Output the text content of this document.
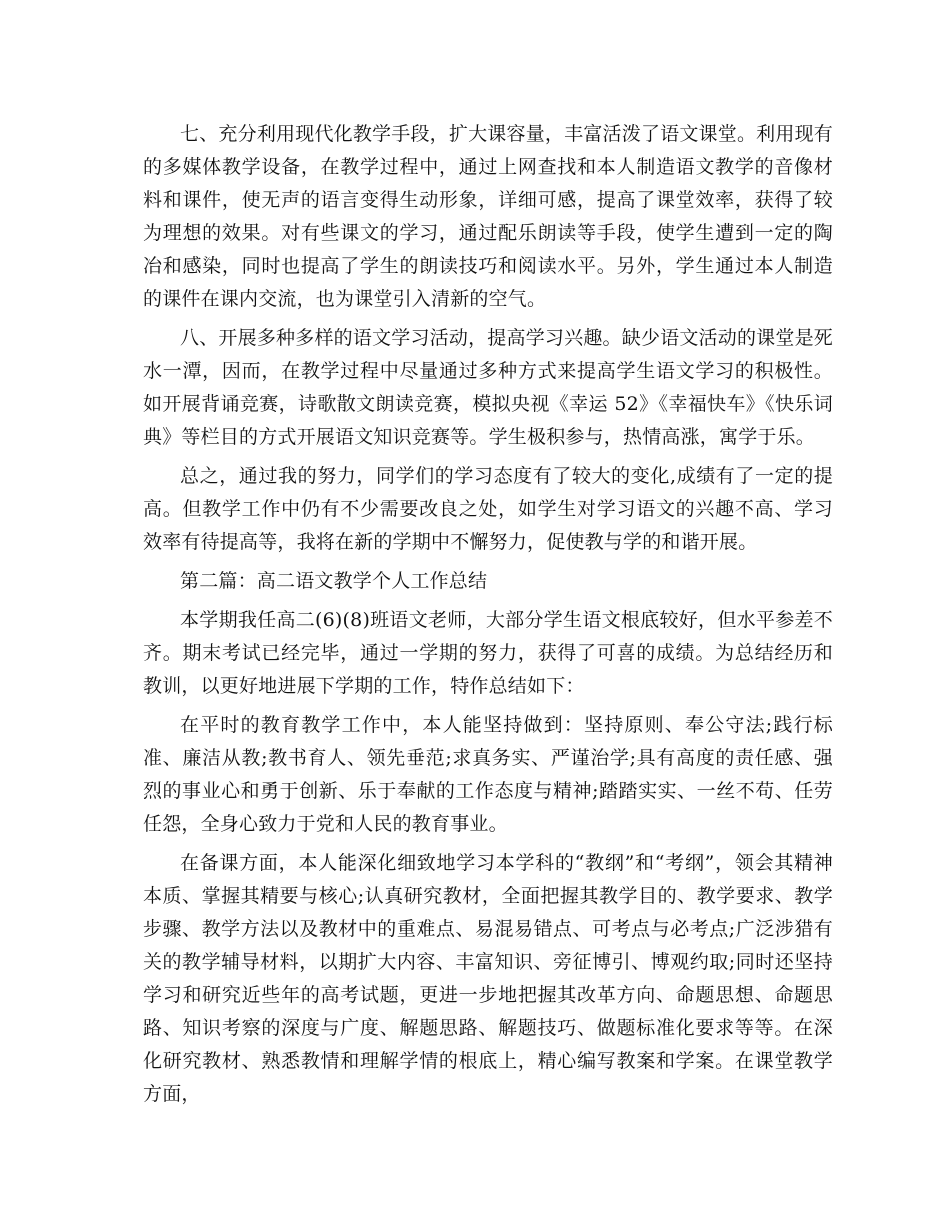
七、充分利用现代化教学手段，扩大课容量，丰富活泼了语文课堂。利用现有的多媒体教学设备，在教学过程中，通过上网查找和本人制造语文教学的音像材料和课件，使无声的语言变得生动形象，详细可感，提高了课堂效率，获得了较为理想的效果。对有些课文的学习，通过配乐朗读等手段，使学生遭到一定的陶冶和感染，同时也提高了学生的朗读技巧和阅读水平。另外，学生通过本人制造的课件在课内交流，也为课堂引入清新的空气。

八、开展多种多样的语文学习活动，提高学习兴趣。缺少语文活动的课堂是死水一潭，因而，在教学过程中尽量通过多种方式来提高学生语文学习的积极性。如开展背诵竞赛，诗歌散文朗读竞赛，模拟央视《幸运 52》《幸福快车》《快乐词典》等栏目的方式开展语文知识竞赛等。学生极积参与，热情高涨，寓学于乐。

总之，通过我的努力，同学们的学习态度有了较大的变化,成绩有了一定的提高。但教学工作中仍有不少需要改良之处，如学生对学习语文的兴趣不高、学习效率有待提高等，我将在新的学期中不懈努力，促使教与学的和谐开展。

第二篇：高二语文教学个人工作总结

本学期我任高二(6)(8)班语文老师，大部分学生语文根底较好，但水平参差不齐。期末考试已经完毕，通过一学期的努力，获得了可喜的成绩。为总结经历和教训，以更好地进展下学期的工作，特作总结如下：

在平时的教育教学工作中，本人能坚持做到：坚持原则、奉公守法;践行标准、廉洁从教;教书育人、领先垂范;求真务实、严谨治学;具有高度的责任感、强烈的事业心和勇于创新、乐于奉献的工作态度与精神;踏踏实实、一丝不苟、任劳任怨，全身心致力于党和人民的教育事业。

在备课方面，本人能深化细致地学习本学科的“教纲”和“考纲”，领会其精神本质、掌握其精要与核心;认真研究教材，全面把握其教学目的、教学要求、教学步骤、教学方法以及教材中的重难点、易混易错点、可考点与必考点;广泛涉猎有关的教学辅导材料，以期扩大内容、丰富知识、旁征博引、博观约取;同时还坚持学习和研究近些年的高考试题，更进一步地把握其改革方向、命题思想、命题思路、知识考察的深度与广度、解题思路、解题技巧、做题标准化要求等等。在深化研究教材、熟悉教情和理解学情的根底上，精心编写教案和学案。在课堂教学方面，
